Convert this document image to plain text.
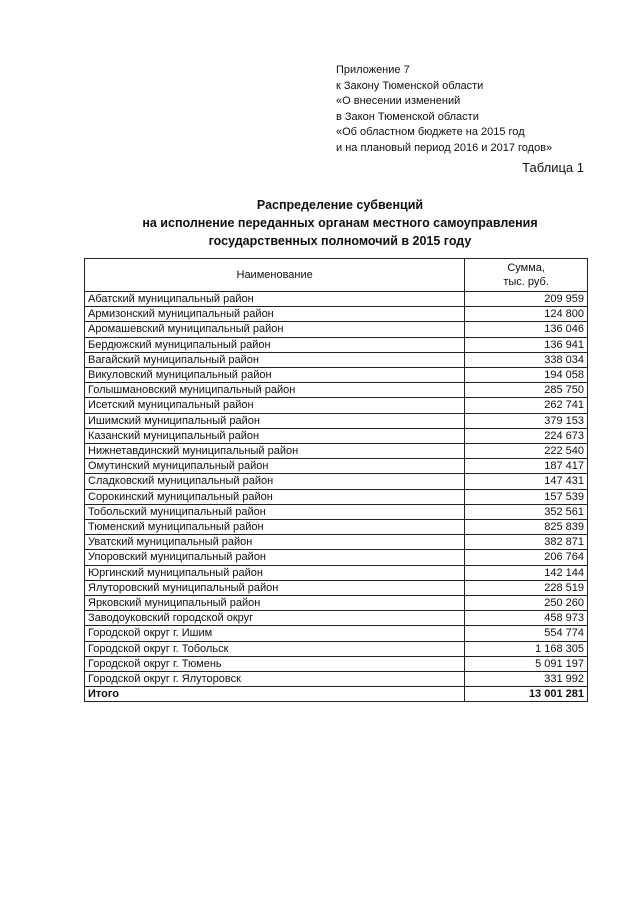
Приложение 7
к Закону Тюменской области
«О внесении изменений
в Закон Тюменской области
«Об областном бюджете на 2015 год
и на плановый период 2016 и 2017 годов»
Таблица 1
Распределение субвенций
на исполнение переданных органам местного самоуправления
государственных полномочий в 2015 году
Наименование	Сумма,
тыс. руб.
Абатский муниципальный район	209 959
Армизонский муниципальный район	124 800
Аромашевский муниципальный район	136 046
Бердюжский муниципальный район	136 941
Вагайский муниципальный район	338 034
Викуловский муниципальный район	194 058
Голышмановский муниципальный район	285 750
Исетский муниципальный район	262 741
Ишимский муниципальный район	379 153
Казанский муниципальный район	224 673
Нижнетавдинский муниципальный район	222 540
Омутинский муниципальный район	187 417
Сладковский муниципальный район	147 431
Сорокинский муниципальный район	157 539
Тобольский муниципальный район	352 561
Тюменский муниципальный район	825 839
Уватский муниципальный район	382 871
Упоровский муниципальный район	206 764
Юргинский муниципальный район	142 144
Ялуторовский муниципальный район	228 519
Ярковский муниципальный район	250 260
Заводоуковский городской округ	458 973
Городской округ г. Ишим	554 774
Городской округ г. Тобольск	1 168 305
Городской округ г. Тюмень	5 091 197
Городской округ г. Ялуторовск	331 992
Итого	13 001 281
